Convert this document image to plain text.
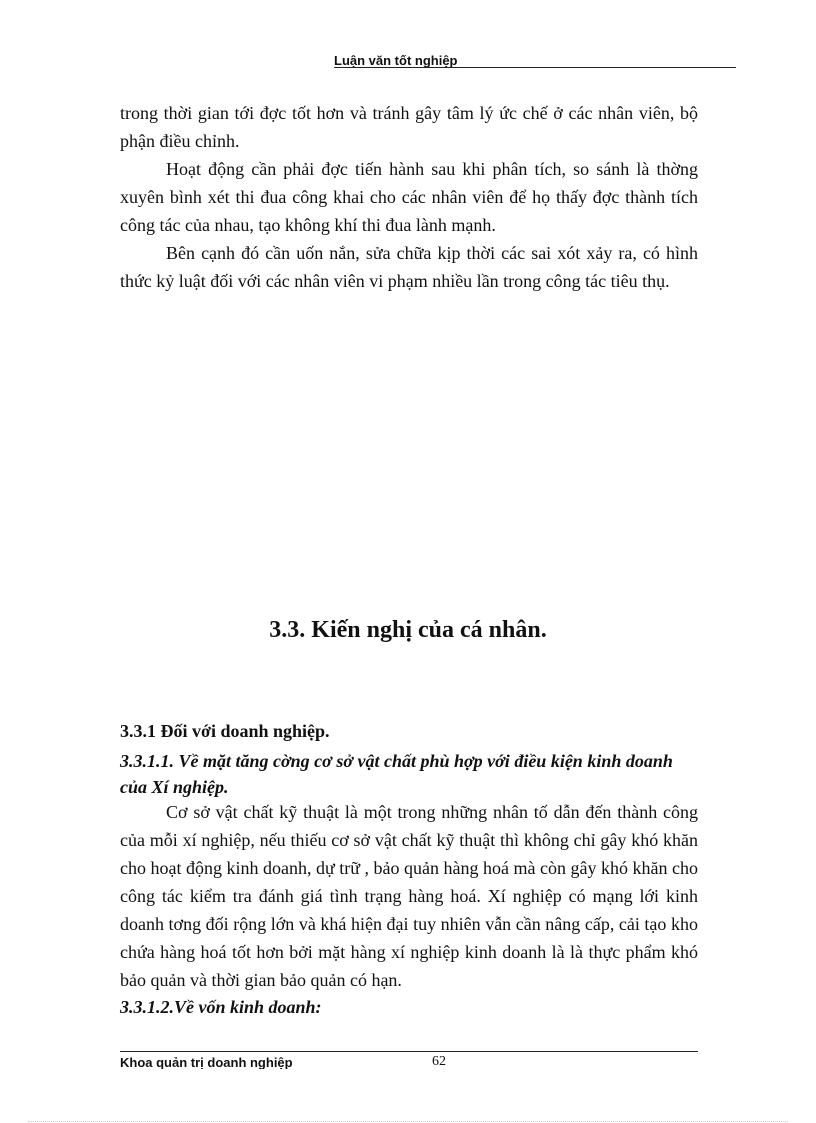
Luận văn tốt nghiệp

trong thời gian tới đợc tốt hơn và tránh gây tâm lý ức chế ở các nhân viên, bộ phận điều chỉnh.

Hoạt động cần phải đợc tiến hành sau khi phân tích, so sánh là thờng xuyên bình xét thi đua công khai cho các nhân viên để họ thấy đợc thành tích công tác của nhau, tạo không khí thi đua lành mạnh.

Bên cạnh đó cần uốn nắn, sửa chữa kịp thời các sai xót xảy ra, có hình thức kỷ luật đối với các nhân viên vi phạm nhiều lần trong công tác tiêu thụ.

3.3. Kiến nghị của cá nhân.
3.3.1 Đối với doanh nghiệp.
3.3.1.1. Về mặt tăng cờng cơ sở vật chất phù hợp với điều kiện kinh doanh của Xí nghiệp.

Cơ sở vật chất kỹ thuật là một trong những nhân tố dẫn đến thành công của mỗi xí nghiệp, nếu thiếu cơ sở vật chất kỹ thuật thì không chỉ gây khó khăn cho hoạt động kinh doanh, dự trữ , bảo quản hàng hoá mà còn gây khó khăn cho công tác kiểm tra đánh giá tình trạng hàng hoá. Xí nghiệp có mạng lới kinh doanh tơng đối rộng lớn và khá hiện đại tuy nhiên vẫn cần nâng cấp, cải tạo kho chứa hàng hoá tốt hơn bởi mặt hàng xí nghiệp kinh doanh là là thực phẩm khó bảo quản và thời gian bảo quản có hạn.

3.3.1.2.Về vốn kinh doanh:
Khoa quản trị doanh nghiệp	62
